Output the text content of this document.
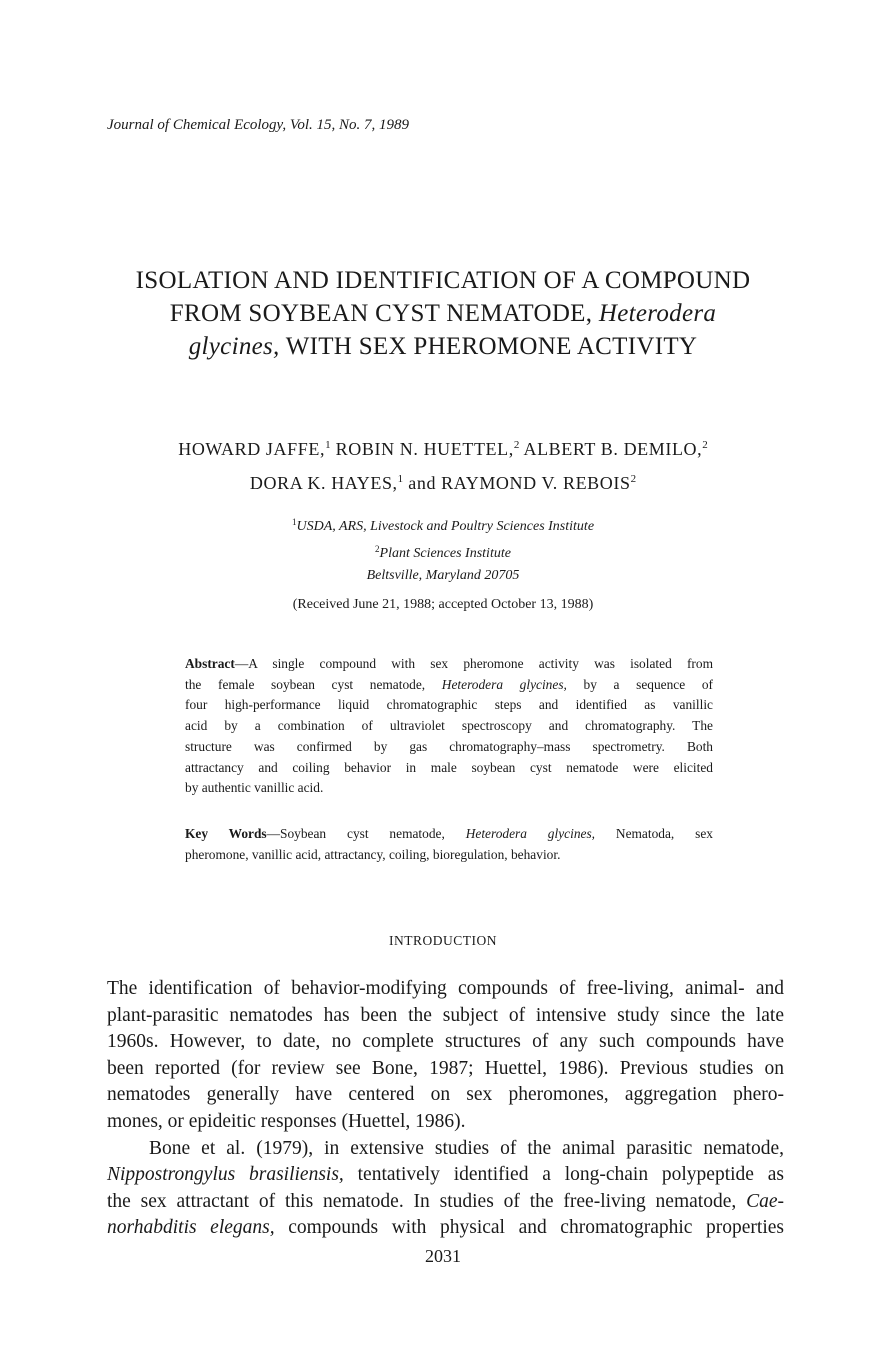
Journal of Chemical Ecology, Vol. 15, No. 7, 1989
ISOLATION AND IDENTIFICATION OF A COMPOUND
FROM SOYBEAN CYST NEMATODE, Heterodera
glycines, WITH SEX PHEROMONE ACTIVITY
HOWARD JAFFE,$^1$ ROBIN N. HUETTEL,$^2$ ALBERT B. DEMILO,$^2$
DORA K. HAYES,$^1$ and RAYMOND V. REBOIS$^2$
$^1$USDA, ARS, Livestock and Poultry Sciences Institute
$^2$Plant Sciences Institute
Beltsville, Maryland 20705
(Received June 21, 1988; accepted October 13, 1988)
Abstract—A single compound with sex pheromone activity was isolated from
the female soybean cyst nematode, Heterodera glycines, by a sequence of
four high-performance liquid chromatographic steps and identified as vanillic
acid by a combination of ultraviolet spectroscopy and chromatography. The
structure was confirmed by gas chromatography–mass spectrometry. Both
attractancy and coiling behavior in male soybean cyst nematode were elicited
by authentic vanillic acid.
Key Words—Soybean cyst nematode, Heterodera glycines, Nematoda, sex
pheromone, vanillic acid, attractancy, coiling, bioregulation, behavior.
INTRODUCTION
The identification of behavior-modifying compounds of free-living, animal- and
plant-parasitic nematodes has been the subject of intensive study since the late
1960s. However, to date, no complete structures of any such compounds have
been reported (for review see Bone, 1987; Huettel, 1986). Previous studies on
nematodes generally have centered on sex pheromones, aggregation phero-
mones, or epideitic responses (Huettel, 1986).
Bone et al. (1979), in extensive studies of the animal parasitic nematode,
Nippostrongylus brasiliensis, tentatively identified a long-chain polypeptide as
the sex attractant of this nematode. In studies of the free-living nematode, Cae-
norhabditis elegans, compounds with physical and chromatographic properties
2031
